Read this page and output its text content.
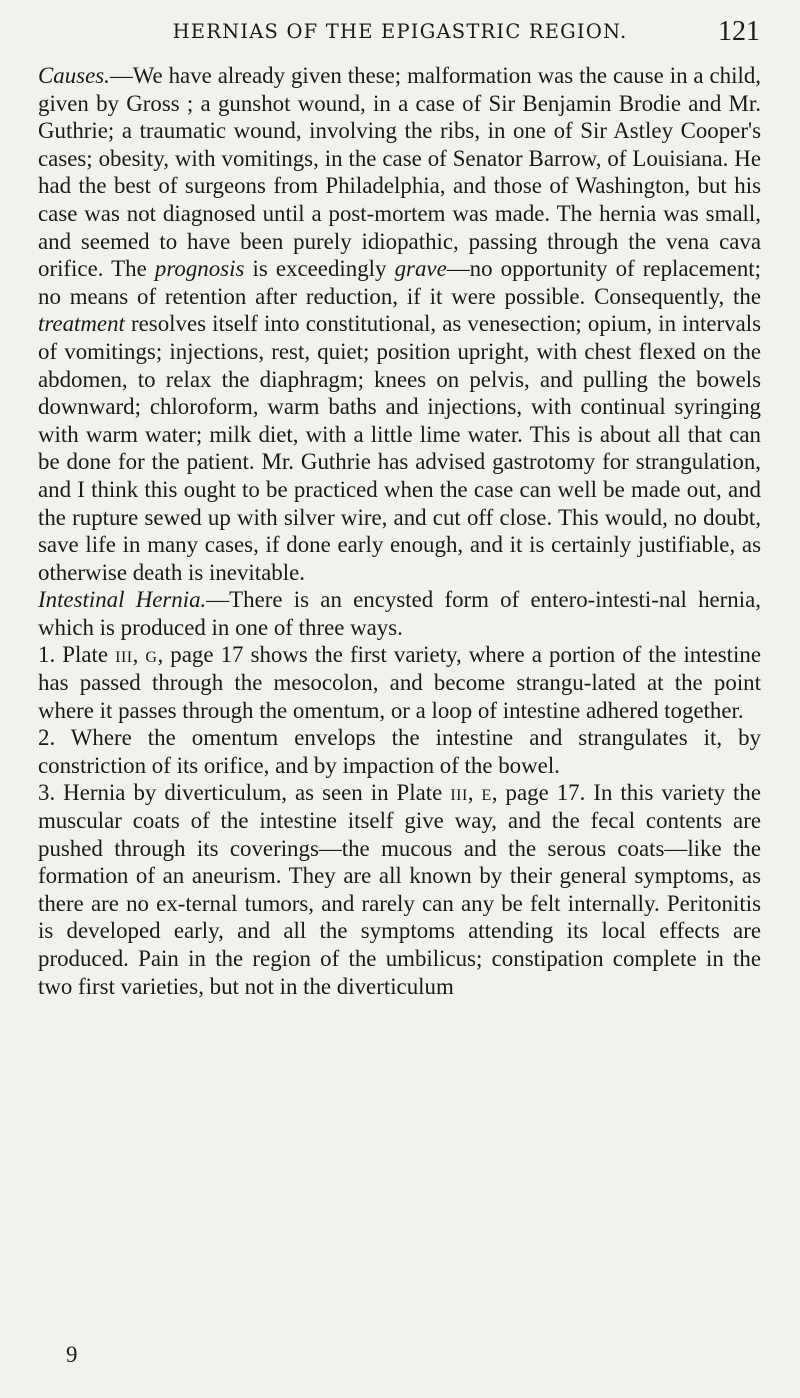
HERNIAS OF THE EPIGASTRIC REGION.	121

Causes.—We have already given these; malformation was the cause in a child, given by Gross ; a gunshot wound, in a case of Sir Benjamin Brodie and Mr. Guthrie; a traumatic wound, involving the ribs, in one of Sir Astley Cooper's cases; obesity, with vomitings, in the case of Senator Barrow, of Louisiana. He had the best of surgeons from Philadelphia, and those of Washington, but his case was not diagnosed until a post-mortem was made. The hernia was small, and seemed to have been purely idiopathic, passing through the vena cava orifice. The prognosis is exceedingly grave—no opportunity of replacement; no means of retention after reduction, if it were possible. Consequently, the treatment resolves itself into constitutional, as venesection; opium, in intervals of vomitings; injections, rest, quiet; position upright, with chest flexed on the abdomen, to relax the diaphragm; knees on pelvis, and pulling the bowels downward; chloroform, warm baths and injections, with continual syringing with warm water; milk diet, with a little lime water. This is about all that can be done for the patient. Mr. Guthrie has advised gastrotomy for strangulation, and I think this ought to be practiced when the case can well be made out, and the rupture sewed up with silver wire, and cut off close. This would, no doubt, save life in many cases, if done early enough, and it is certainly justifiable, as otherwise death is inevitable.

Intestinal Hernia.—There is an encysted form of entero-intesti-nal hernia, which is produced in one of three ways.

1. Plate iii, g, page 17 shows the first variety, where a portion of the intestine has passed through the mesocolon, and become strangu-lated at the point where it passes through the omentum, or a loop of intestine adhered together.

2. Where the omentum envelops the intestine and strangulates it, by constriction of its orifice, and by impaction of the bowel.

3. Hernia by diverticulum, as seen in Plate iii, e, page 17. In this variety the muscular coats of the intestine itself give way, and the fecal contents are pushed through its coverings—the mucous and the serous coats—like the formation of an aneurism. They are all known by their general symptoms, as there are no ex-ternal tumors, and rarely can any be felt internally. Peritonitis is developed early, and all the symptoms attending its local effects are produced. Pain in the region of the umbilicus; constipation complete in the two first varieties, but not in the diverticulum

9
